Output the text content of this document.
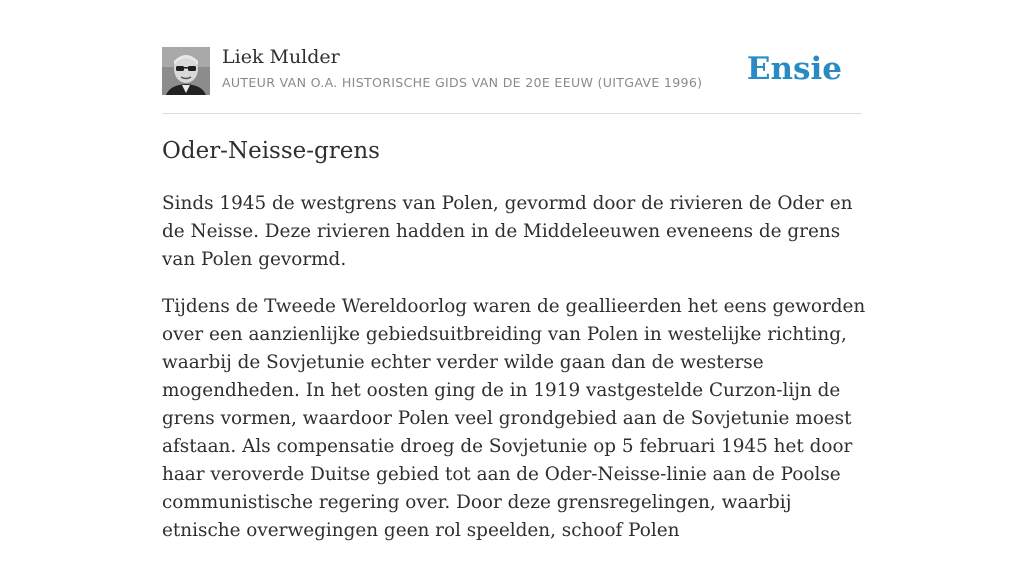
Liek Mulder
AUTEUR VAN O.A. HISTORISCHE GIDS VAN DE 20E EEUW (UITGAVE 1996) Ensie
Oder-Neisse-grens

Sinds 1945 de westgrens van Polen, gevormd door de rivieren de Oder en de Neisse. Deze rivieren hadden in de Middeleeuwen eveneens de grens van Polen gevormd.

Tijdens de Tweede Wereldoorlog waren de geallieerden het eens geworden over een aanzienlijke gebiedsuitbreiding van Polen in westelijke richting, waarbij de Sovjetunie echter verder wilde gaan dan de westerse mogendheden. In het oosten ging de in 1919 vastgestelde Curzon-lijn de grens vormen, waardoor Polen veel grondgebied aan de Sovjetunie moest afstaan. Als compensatie droeg de Sovjetunie op 5 februari 1945 het door haar veroverde Duitse gebied tot aan de Oder-Neisse-linie aan de Poolse communistische regering over. Door deze grensregelingen, waarbij etnische overwegingen geen rol speelden, schoof Polen
